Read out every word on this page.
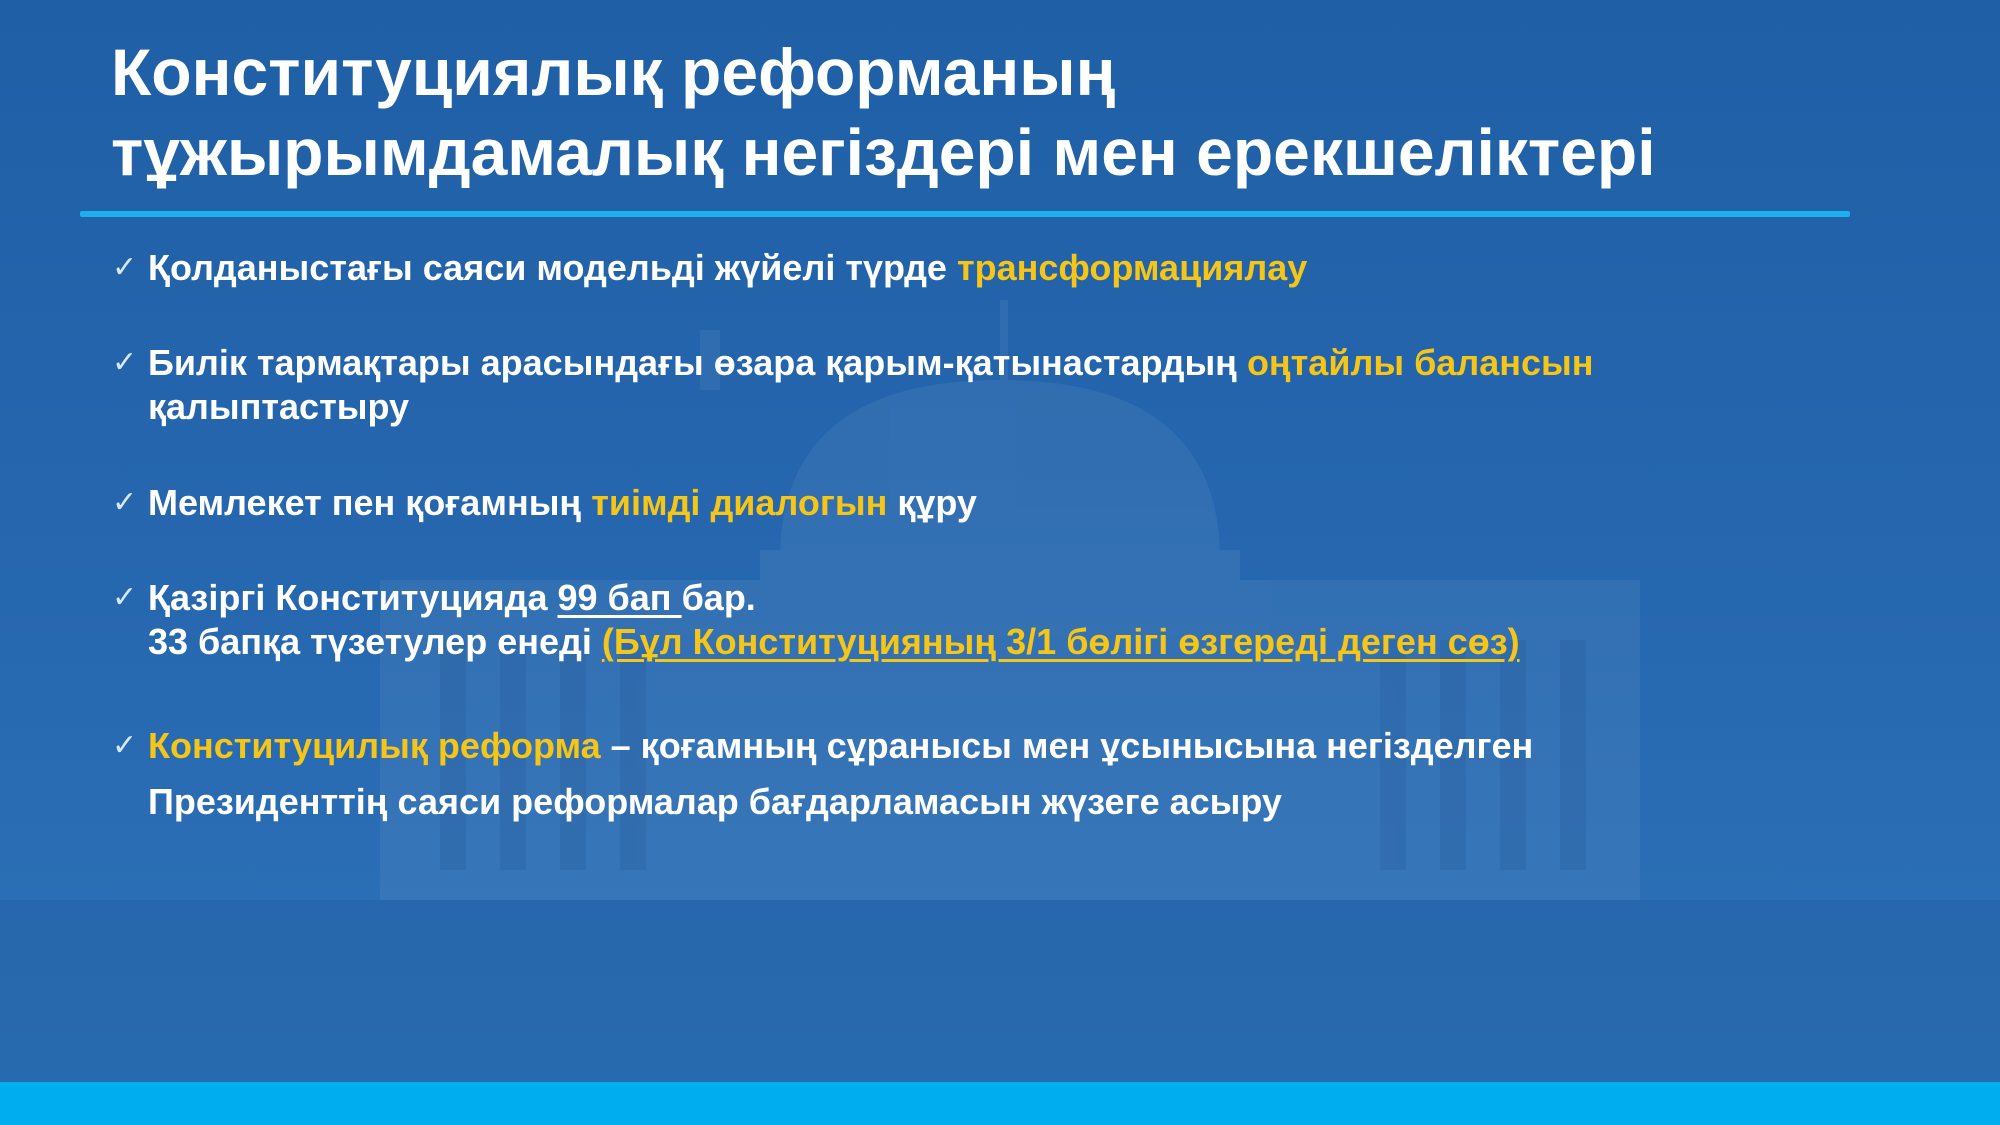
Конституциялық реформаның
тұжырымдамалық негіздері мен ерекшеліктері
✓ Қолданыстағы саяси модельді жүйелі түрде трансформациялау
✓ Билік тармақтары арасындағы өзара қарым-қатынастардың оңтайлы балансын
қалыптастыру
✓ Мемлекет пен қоғамның тиімді диалогын құру
✓ Қазіргі Конституцияда 99 бап бар.
33 бапқа түзетулер енеді (Бұл Конституцияның 3/1 бөлігі өзгереді деген сөз)
✓ Конституцилық реформа – қоғамның сұранысы мен ұсынысына негізделген
Президенттің саяси реформалар бағдарламасын жүзеге асыру
